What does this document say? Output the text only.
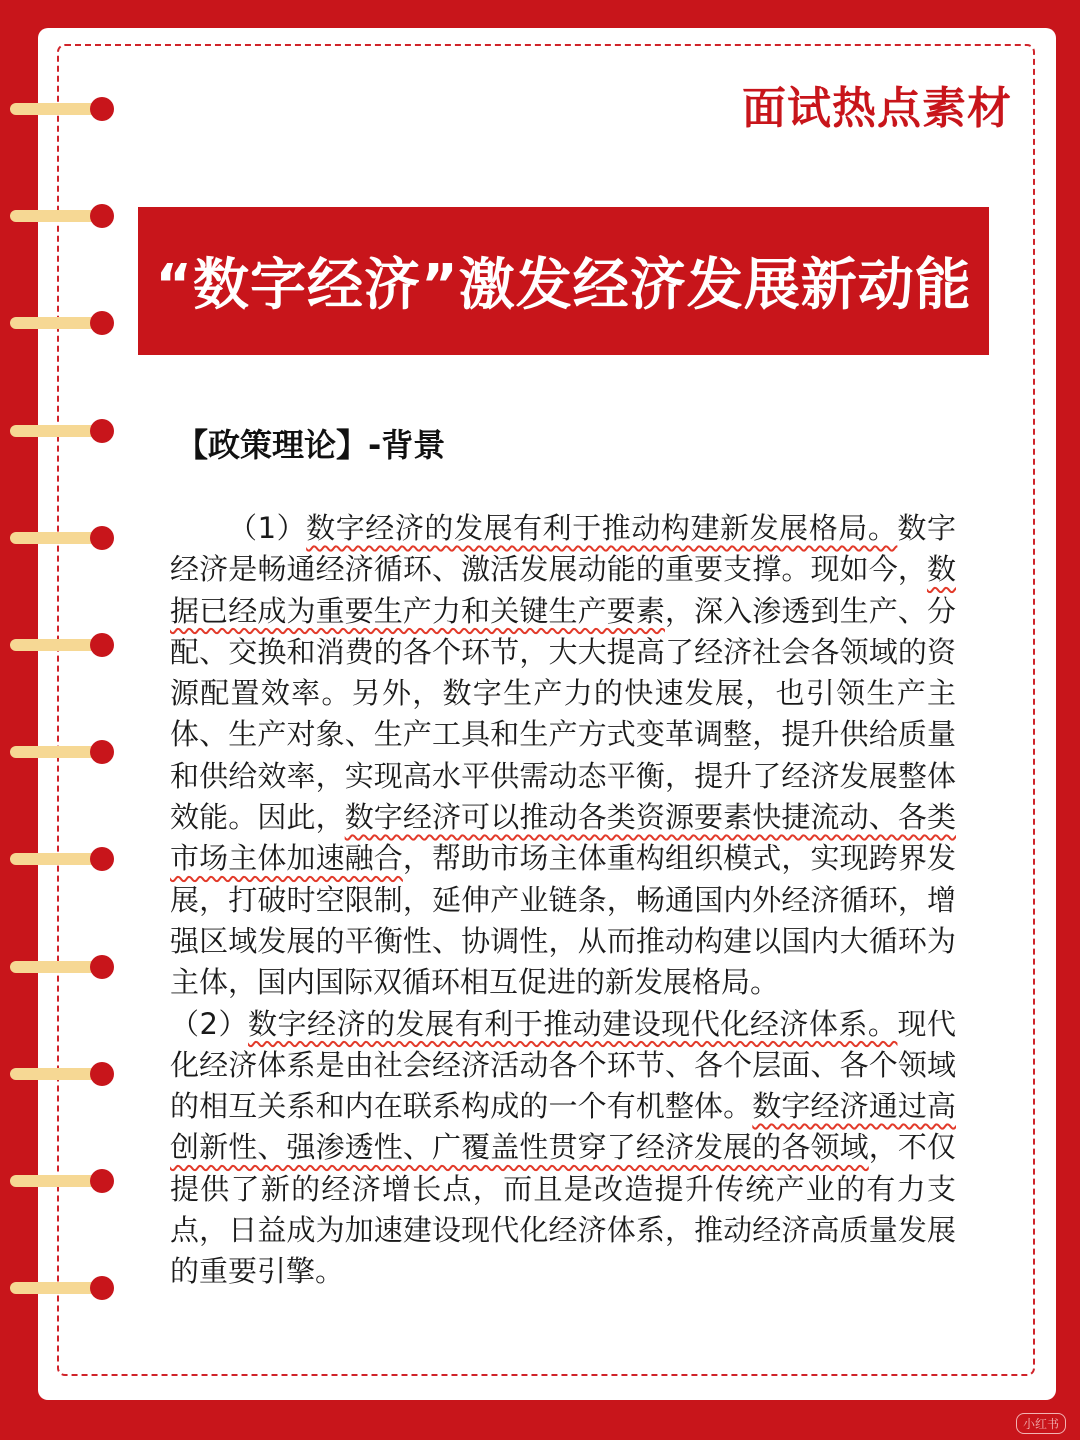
面试热点素材
“数字经济”激发经济发展新动能
【政策理论】-背景

（1）数字经济的发展有利于推动构建新发展格局。数字经济是畅通经济循环、激活发展动能的重要支撑。现如今，数据已经成为重要生产力和关键生产要素，深入渗透到生产、分配、交换和消费的各个环节，大大提高了经济社会各领域的资源配置效率。另外，数字生产力的快速发展，也引领生产主体、生产对象、生产工具和生产方式变革调整，提升供给质量和供给效率，实现高水平供需动态平衡，提升了经济发展整体效能。因此，数字经济可以推动各类资源要素快捷流动、各类市场主体加速融合，帮助市场主体重构组织模式，实现跨界发展，打破时空限制，延伸产业链条，畅通国内外经济循环，增强区域发展的平衡性、协调性，从而推动构建以国内大循环为主体，国内国际双循环相互促进的新发展格局。

（2）数字经济的发展有利于推动建设现代化经济体系。现代化经济体系是由社会经济活动各个环节、各个层面、各个领域的相互关系和内在联系构成的一个有机整体。数字经济通过高创新性、强渗透性、广覆盖性贯穿了经济发展的各领域，不仅提供了新的经济增长点，而且是改造提升传统产业的有力支点，日益成为加速建设现代化经济体系，推动经济高质量发展的重要引擎。

小红书
